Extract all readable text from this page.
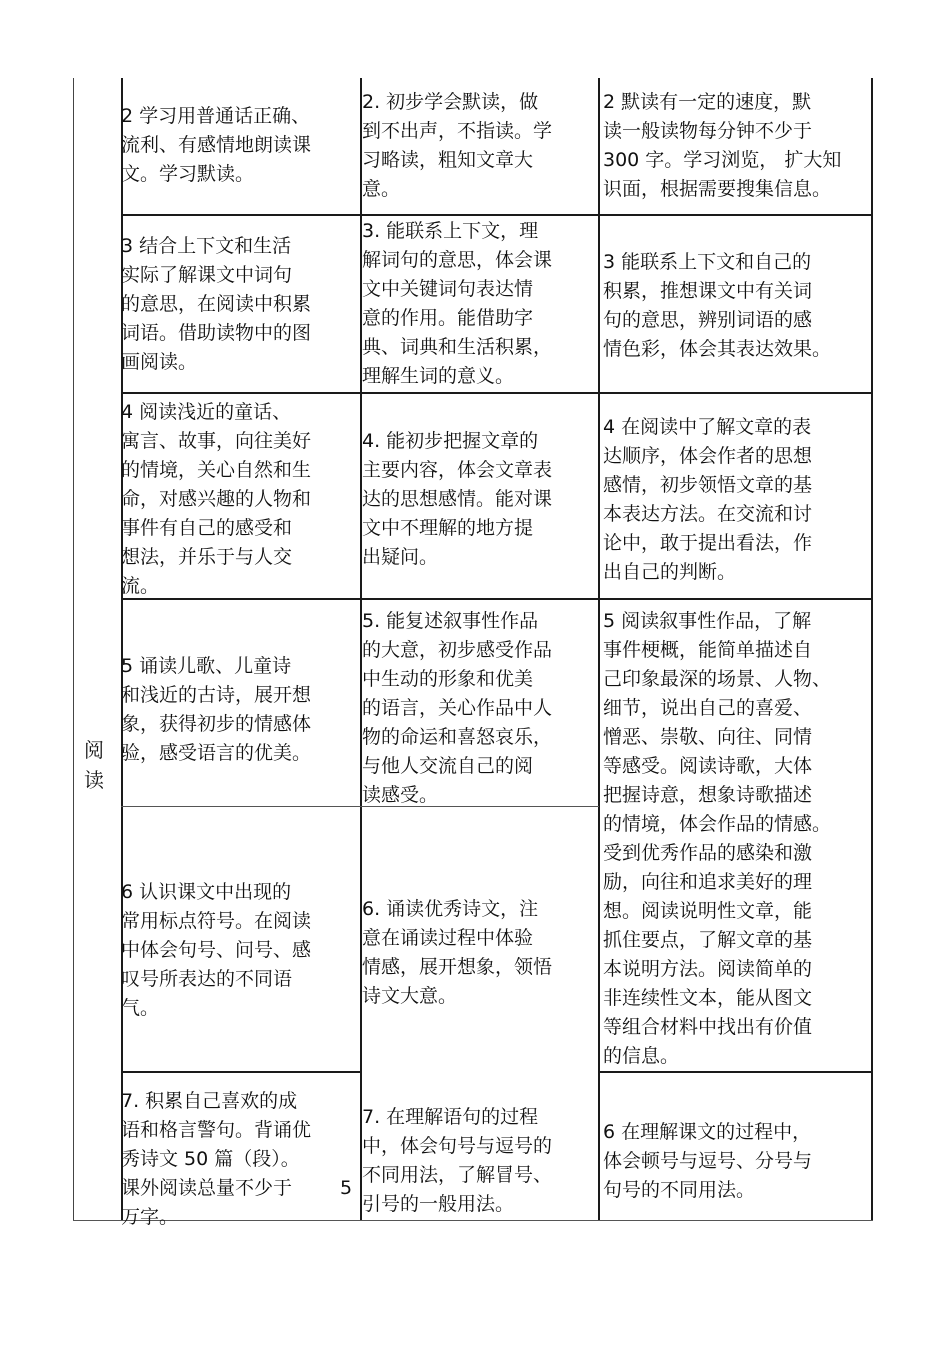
阅
读
2 学习用普通话正确、
流利、有感情地朗读课
文。学习默读。
2. 初步学会默读，做
到不出声，不指读。学
习略读，粗知文章大
意。
2 默读有一定的速度，默
读一般读物每分钟不少于
300 字。学习浏览， 扩大知
识面，根据需要搜集信息。
3 结合上下文和生活
实际了解课文中词句
的意思，在阅读中积累
词语。借助读物中的图
画阅读。
3. 能联系上下文，理
解词句的意思，体会课
文中关键词句表达情
意的作用。能借助字
典、词典和生活积累，
理解生词的意义。
3 能联系上下文和自己的
积累，推想课文中有关词
句的意思，辨别词语的感
情色彩，体会其表达效果。
4 阅读浅近的童话、
寓言、故事，向往美好
的情境，关心自然和生
命，对感兴趣的人物和
事件有自己的感受和
想法，并乐于与人交
流。
4. 能初步把握文章的
主要内容，体会文章表
达的思想感情。能对课
文中不理解的地方提
出疑问。
4 在阅读中了解文章的表
达顺序，体会作者的思想
感情，初步领悟文章的基
本表达方法。在交流和讨
论中，敢于提出看法，作
出自己的判断。
5 诵读儿歌、儿童诗
和浅近的古诗，展开想
象，获得初步的情感体
验，感受语言的优美。
5. 能复述叙事性作品
的大意，初步感受作品
中生动的形象和优美
的语言，关心作品中人
物的命运和喜怒哀乐，
与他人交流自己的阅
读感受。
5 阅读叙事性作品，了解
事件梗概，能简单描述自
己印象最深的场景、人物、
细节，说出自己的喜爱、
憎恶、崇敬、向往、同情
等感受。阅读诗歌，大体
把握诗意，想象诗歌描述
的情境，体会作品的情感。
受到优秀作品的感染和激
励，向往和追求美好的理
想。阅读说明性文章，能
抓住要点，了解文章的基
本说明方法。阅读简单的
非连续性文本，能从图文
等组合材料中找出有价值
的信息。
6 认识课文中出现的
常用标点符号。在阅读
中体会句号、问号、感
叹号所表达的不同语
气。
6. 诵读优秀诗文，注
意在诵读过程中体验
情感，展开想象，领悟
诗文大意。
7. 积累自己喜欢的成
语和格言警句。背诵优
秀诗文 50 篇（段）。
课外阅读总量不少于
万字。
5
7. 在理解语句的过程
中，体会句号与逗号的
不同用法，了解冒号、
引号的一般用法。
6 在理解课文的过程中，
体会顿号与逗号、分号与
句号的不同用法。
